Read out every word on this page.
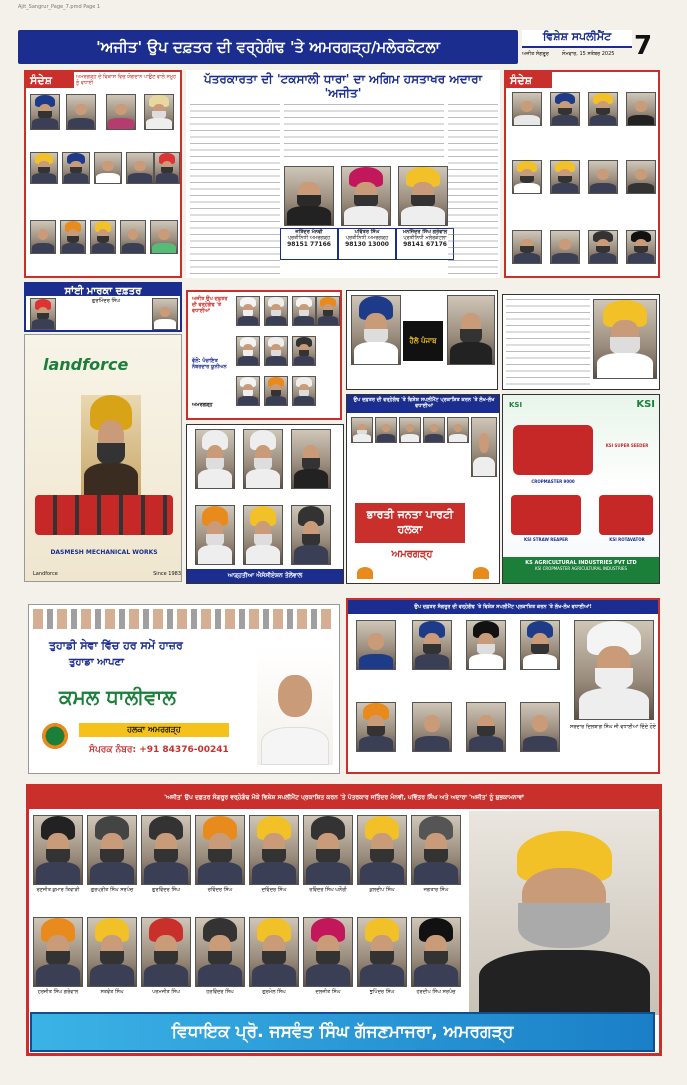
Ajit_Sangrur_Page_7.pmd Page 1
'ਅਜੀਤ' ਉਪ ਦਫ਼ਤਰ ਦੀ ਵਰ੍ਹੇਗੰਢ 'ਤੇ ਅਮਰਗੜ੍ਹ/ਮਲੇਰਕੋਟਲਾ
ਵਿਸ਼ੇਸ਼ ਸਪਲੀਮੈਂਟ 7
ਅਜੀਤ ਸੰਗਰੂਰ	ਸੋਮਵਾਰ, 15 ਸਤੰਬਰ 2025
ਸੰਦੇਸ਼	ਅਮਰਗੜ੍ਹ ਦੇ ਵਿਕਾਸ ਵਿਚ ਯੋਗਦਾਨ ਪਾਉਣ ਵਾਲੇ ਸਮੂਹ ਨੂੰ ਵਧਾਈ	ਪੱਤਰਕਾਰਤਾ ਦੀ 'ਟਕਸਾਲੀ ਧਾਰਾ' ਦਾ ਅਗਿਮ ਹਸਤਾਖਰ ਅਦਾਰਾ 'ਅਜੀਤ'
ਜਤਿੰਦਰ ਮੰਨਵੀ
ਪ੍ਰਤੀਨਿਧੀ ਅਮਰਗੜ੍ਹ
98151 77166
ਪਵਿੱਤਰ ਸਿੰਘ
ਪ੍ਰਤੀਨਿਧੀ ਅਮਰਗੜ੍ਹ
98130 13000
ਮਨਜਿੰਦਰ ਸਿੰਘ ਗਰੇਵਾਲ
ਪ੍ਰਤੀਨਿਧੀ ਮਲੇਰਕੋਟਲਾ
98141 67176
ਸੰਦੇਸ਼
ਸਾਂਈ ਮਾਰਕਾ ਦਫ਼ਤਰ
ਗੁਰਮਿੰਦਰ ਸਿੰਘ
landforce
DASMESH MECHANICAL WORKS
Landforce	Since 1983
ਅਜੀਤ ਉਪ ਦਫ਼ਤਰ ਦੀ ਵਰ੍ਹੇਗੰਢ 'ਤੇ ਵਧਾਈਆਂ
ਵੱਲੋਂ: ਪੰਚਾਇਤ ਨੰਬਰਦਾਰ ਯੂਨੀਅਨ
ਅਮਰਗੜ੍ਹ
ਹੈਲੋ ਪੰਜਾਬ
ਆੜ੍ਹਤੀਆ ਐਸੋਸੀਏਸ਼ਨ ਤੋਲੇਵਾਲ
ਉਪ ਦਫ਼ਤਰ ਦੀ ਵਰ੍ਹੇਗੰਢ 'ਤੇ ਵਿਸ਼ੇਸ਼ ਸਪਲੀਮੈਂਟ ਪ੍ਰਕਾਸ਼ਿਤ ਕਰਨ 'ਤੇ ਲੱਖ-ਲੱਖ ਵਧਾਈਆਂ
ਭਾਰਤੀ ਜਨਤਾ ਪਾਰਟੀ ਹਲਕਾ
ਅਮਰਗੜ੍ਹ
KSI	KSI
KSI SUPER SEEDER
CROPMASTER 9000
KSI STRAW REAPER	KSI ROTAVATOR
KS AGRICULTURAL INDUSTRIES PVT LTD
KSI CROPMASTER AGRICULTURAL INDUSTRIES
ਤੁਹਾਡੀ ਸੇਵਾ ਵਿੱਚ ਹਰ ਸਮੇਂ ਹਾਜ਼ਰ
ਤੁਹਾਡਾ ਆਪਣਾ
ਕਮਲ ਧਾਲੀਵਾਲ
ਹਲਕਾ ਅਮਰਗੜ੍ਹ
ਸੰਪਰਕ ਨੰਬਰ: +91 84376-00241
ਉਪ ਦਫ਼ਤਰ ਸੰਗਰੂਰ ਦੀ ਵਰ੍ਹੇਗੰਢ 'ਤੇ ਵਿਸ਼ੇਸ਼ ਸਪਲੀਮੈਂਟ ਪ੍ਰਕਾਸ਼ਿਤ ਕਰਨ 'ਤੇ ਲੱਖ-ਲੱਖ ਵਧਾਈਆਂ!
ਸਰਦਾਰ ਦਿਲਬਾਗ ਸਿੰਘ ਜੀ ਵਧਾਈਆਂ ਦਿੰਦੇ ਹੋਏ
'ਅਜੀਤ' ਉਪ ਦਫ਼ਤਰ ਸੰਗਰੂਰ ਵਰ੍ਹੇਗੰਢ ਮੌਕੇ ਵਿਸ਼ੇਸ਼ ਸਪਲੀਮੈਂਟ ਪ੍ਰਕਾਸ਼ਿਤ ਕਰਨ 'ਤੇ ਪੱਤਰਕਾਰ ਜਤਿੰਦਰ ਮੰਨਵੀ, ਪਵਿੱਤਰ ਸਿੰਘ ਅਤੇ ਅਦਾਰਾ 'ਅਜੀਤ' ਨੂੰ ਸ਼ੁਭਕਾਮਨਾਵਾਂ
ਰਣਜੀਤ ਕੁਮਾਰ ਤਿਵਾੜੀ	ਗੁਰਪ੍ਰੀਤ ਸਿੰਘ ਸਰਪੰਚ	ਗੁਰਵਿੰਦਰ ਸਿੰਘ	ਰਵਿੰਦਰ ਸਿੰਘ	ਦਵਿੰਦਰ ਸਿੰਘ	ਰਵਿੰਦਰ ਸਿੰਘ ਘਨੌਰੀ	ਕੁਲਦੀਪ ਸਿੰਘ	ਜਗਤਾਰ ਸਿੰਘ
ਹਰਜੀਤ ਸਿੰਘ ਗਰੇਵਾਲ	ਸਤਵੰਤ ਸਿੰਘ	ਪਰਮਜੀਤ ਸਿੰਘ	ਹਰਵਿੰਦਰ ਸਿੰਘ	ਗੁਰਮੇਲ ਸਿੰਘ	ਦਲਜੀਤ ਸਿੰਘ	ਭੁਪਿੰਦਰ ਸਿੰਘ	ਹਰਦੀਪ ਸਿੰਘ ਸਰਪੰਚ
ਵਿਧਾਇਕ ਪ੍ਰੋ. ਜਸਵੰਤ ਸਿੰਘ ਗੱਜਣਮਾਜਰਾ, ਅਮਰਗੜ੍ਹ
